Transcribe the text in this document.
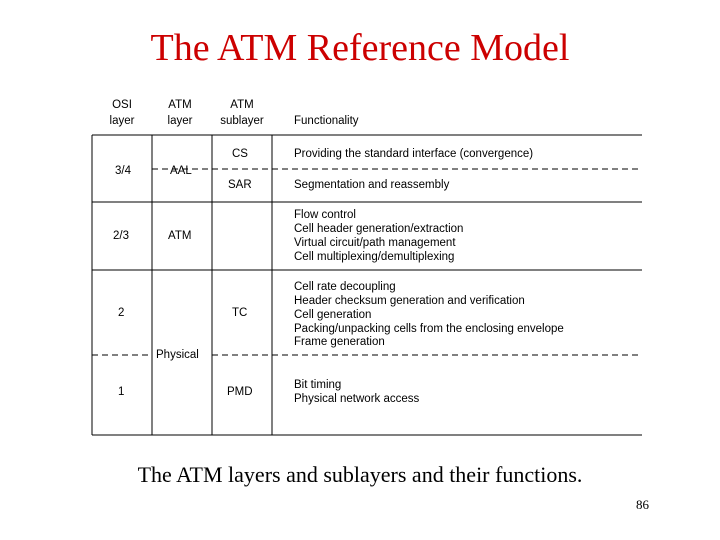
The ATM Reference Model
OSI
layer
ATM
layer
ATM
sublayer	Functionality
3/4
2/3
2
1
AAL
ATM
Physical
CS
SAR
TC
PMD
Providing the standard interface (convergence)
Segmentation and reassembly
Flow control
Cell header generation/extraction
Virtual circuit/path management
Cell multiplexing/demultiplexing
Cell rate decoupling
Header checksum generation and verification
Cell generation
Packing/unpacking cells from the enclosing envelope
Frame generation
Bit timing
Physical network access
The ATM layers and sublayers and their functions.
86
